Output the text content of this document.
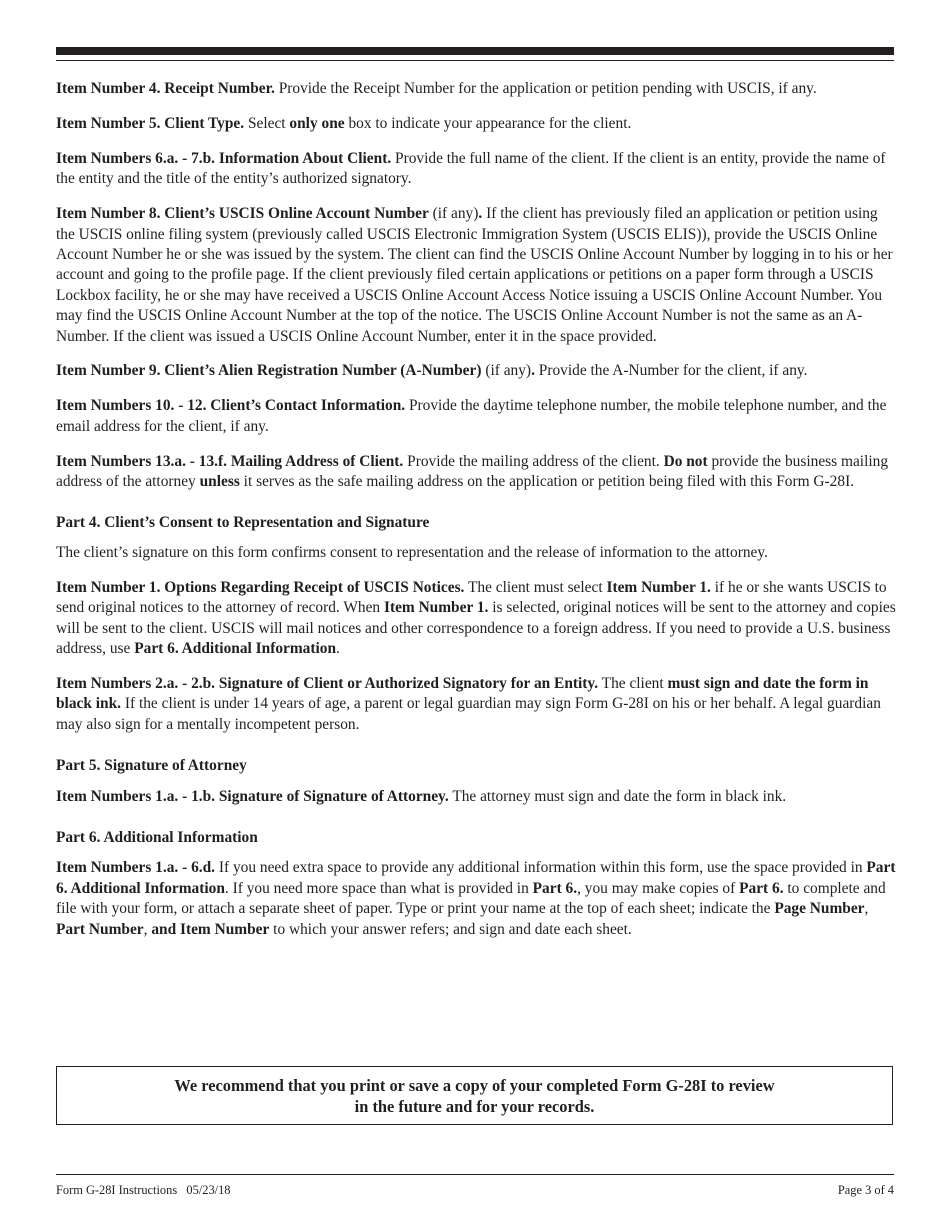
Item Number 4. Receipt Number. Provide the Receipt Number for the application or petition pending with USCIS, if any.

Item Number 5. Client Type. Select only one box to indicate your appearance for the client.

Item Numbers 6.a. - 7.b. Information About Client. Provide the full name of the client. If the client is an entity, provide the name of the entity and the title of the entity’s authorized signatory.

Item Number 8. Client’s USCIS Online Account Number (if any). If the client has previously filed an application or petition using the USCIS online filing system (previously called USCIS Electronic Immigration System (USCIS ELIS)), provide the USCIS Online Account Number he or she was issued by the system. The client can find the USCIS Online Account Number by logging in to his or her account and going to the profile page. If the client previously filed certain applications or petitions on a paper form through a USCIS Lockbox facility, he or she may have received a USCIS Online Account Access Notice issuing a USCIS Online Account Number. You may find the USCIS Online Account Number at the top of the notice. The USCIS Online Account Number is not the same as an A-Number. If the client was issued a USCIS Online Account Number, enter it in the space provided.

Item Number 9. Client’s Alien Registration Number (A-Number) (if any). Provide the A-Number for the client, if any.

Item Numbers 10. - 12. Client’s Contact Information. Provide the daytime telephone number, the mobile telephone number, and the email address for the client, if any.

Item Numbers 13.a. - 13.f. Mailing Address of Client. Provide the mailing address of the client. Do not provide the business mailing address of the attorney unless it serves as the safe mailing address on the application or petition being filed with this Form G-28I.

Part 4. Client’s Consent to Representation and Signature

The client’s signature on this form confirms consent to representation and the release of information to the attorney.

Item Number 1. Options Regarding Receipt of USCIS Notices. The client must select Item Number 1. if he or she wants USCIS to send original notices to the attorney of record. When Item Number 1. is selected, original notices will be sent to the attorney and copies will be sent to the client. USCIS will mail notices and other correspondence to a foreign address. If you need to provide a U.S. business address, use Part 6. Additional Information.

Item Numbers 2.a. - 2.b. Signature of Client or Authorized Signatory for an Entity. The client must sign and date the form in black ink. If the client is under 14 years of age, a parent or legal guardian may sign Form G-28I on his or her behalf. A legal guardian may also sign for a mentally incompetent person.

Part 5. Signature of Attorney

Item Numbers 1.a. - 1.b. Signature of Signature of Attorney. The attorney must sign and date the form in black ink.

Part 6. Additional Information

Item Numbers 1.a. - 6.d. If you need extra space to provide any additional information within this form, use the space provided in Part 6. Additional Information. If you need more space than what is provided in Part 6., you may make copies of Part 6. to complete and file with your form, or attach a separate sheet of paper. Type or print your name at the top of each sheet; indicate the Page Number, Part Number, and Item Number to which your answer refers; and sign and date each sheet.

We recommend that you print or save a copy of your completed Form G-28I to review
in the future and for your records.
Form G-28I Instructions   05/23/18	Page 3 of 4
